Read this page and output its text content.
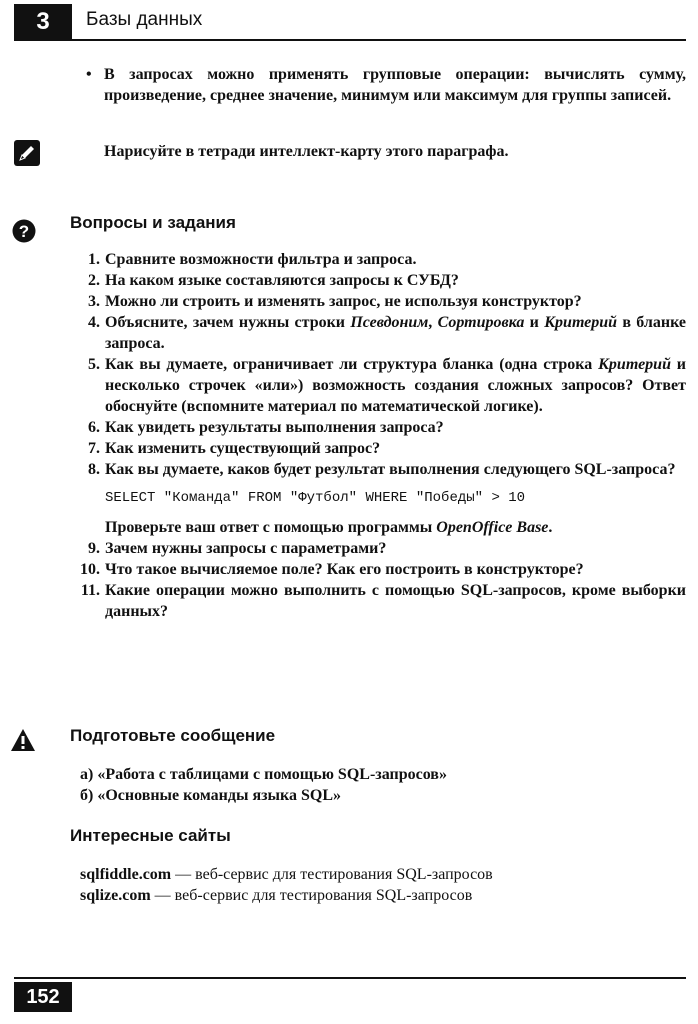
3 Базы данных
• В запросах можно применять групповые операции: вычислять сумму, произведение, среднее значение, минимум или максимум для группы записей.

Нарисуйте в тетради интеллект-карту этого параграфа.
? Вопросы и задания
1. Сравните возможности фильтра и запроса.
2. На каком языке составляются запросы к СУБД?
3. Можно ли строить и изменять запрос, не используя конструктор?
4. Объясните, зачем нужны строки Псевдоним, Сортировка и Критерий в бланке запроса.
5. Как вы думаете, ограничивает ли структура бланка (одна строка Критерий и несколько строчек «или») возможность создания сложных запросов? Ответ обоснуйте (вспомните материал по математической логике).
6. Как увидеть результаты выполнения запроса?
7. Как изменить существующий запрос?
8. Как вы думаете, каков будет результат выполнения следующего SQL-запроса?
SELECT "Команда" FROM "Футбол" WHERE "Победы" > 10
Проверьте ваш ответ с помощью программы OpenOffice Base.
9. Зачем нужны запросы с параметрами?
10. Что такое вычисляемое поле? Как его построить в конструкторе?
11. Какие операции можно выполнить с помощью SQL-запросов, кроме выборки данных?
Подготовьте сообщение
а) «Работа с таблицами с помощью SQL-запросов»
б) «Основные команды языка SQL»
Интересные сайты
sqlfiddle.com — веб-сервис для тестирования SQL-запросов
sqlize.com — веб-сервис для тестирования SQL-запросов
152
